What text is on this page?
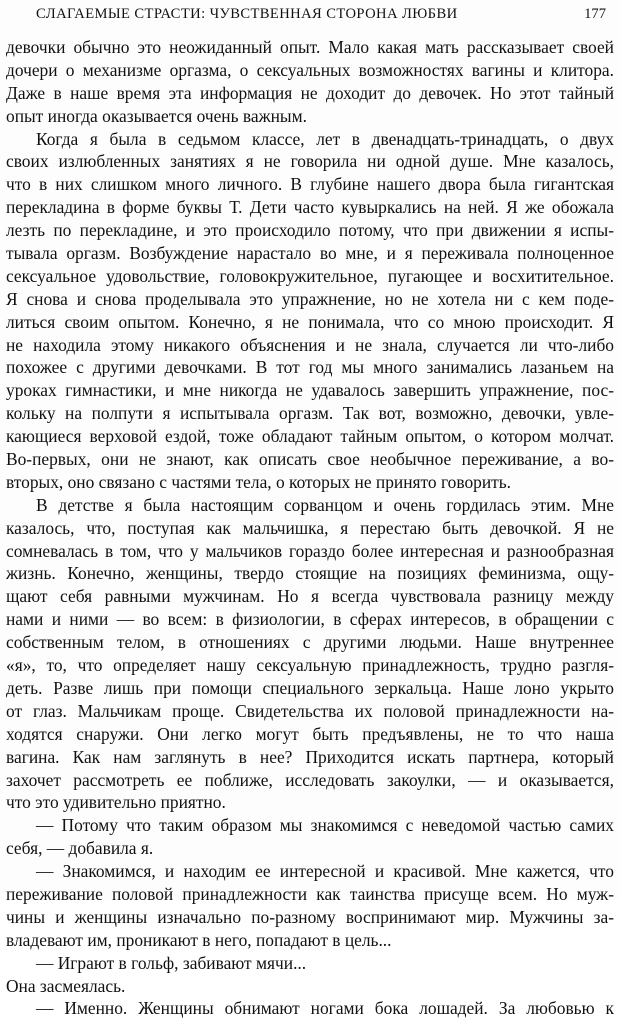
СЛАГАЕМЫЕ СТРАСТИ: ЧУВСТВЕННАЯ СТОРОНА ЛЮБВИ	177
девочки обычно это неожиданный опыт. Мало какая мать рассказывает своей
дочери о механизме оргазма, о сексуальных возможностях вагины и клитора.
Даже в наше время эта информация не доходит до девочек. Но этот тайный
опыт иногда оказывается очень важным.
Когда я была в седьмом классе, лет в двенадцать-тринадцать, о двух
своих излюбленных занятиях я не говорила ни одной душе. Мне казалось,
что в них слишком много личного. В глубине нашего двора была гигантская
перекладина в форме буквы Т. Дети часто кувыркались на ней. Я же обожала
лезть по перекладине, и это происходило потому, что при движении я испы-
тывала оргазм. Возбуждение нарастало во мне, и я переживала полноценное
сексуальное удовольствие, головокружительное, пугающее и восхитительное.
Я снова и снова проделывала это упражнение, но не хотела ни с кем поде-
литься своим опытом. Конечно, я не понимала, что со мною происходит. Я
не находила этому никакого объяснения и не знала, случается ли что-либо
похожее с другими девочками. В тот год мы много занимались лазаньем на
уроках гимнастики, и мне никогда не удавалось завершить упражнение, пос-
кольку на полпути я испытывала оргазм. Так вот, возможно, девочки, увле-
кающиеся верховой ездой, тоже обладают тайным опытом, о котором молчат.
Во-первых, они не знают, как описать свое необычное переживание, а во-
вторых, оно связано с частями тела, о которых не принято говорить.
В детстве я была настоящим сорванцом и очень гордилась этим. Мне
казалось, что, поступая как мальчишка, я перестаю быть девочкой. Я не
сомневалась в том, что у мальчиков гораздо более интересная и разнообразная
жизнь. Конечно, женщины, твердо стоящие на позициях феминизма, ощу-
щают себя равными мужчинам. Но я всегда чувствовала разницу между
нами и ними — во всем: в физиологии, в сферах интересов, в обращении с
собственным телом, в отношениях с другими людьми. Наше внутреннее
«я», то, что определяет нашу сексуальную принадлежность, трудно разгля-
деть. Разве лишь при помощи специального зеркальца. Наше лоно укрыто
от глаз. Мальчикам проще. Свидетельства их половой принадлежности на-
ходятся снаружи. Они легко могут быть предъявлены, не то что наша
вагина. Как нам заглянуть в нее? Приходится искать партнера, который
захочет рассмотреть ее поближе, исследовать закоулки, — и оказывается,
что это удивительно приятно.
— Потому что таким образом мы знакомимся с неведомой частью самих
себя, — добавила я.
— Знакомимся, и находим ее интересной и красивой. Мне кажется, что
переживание половой принадлежности как таинства присуще всем. Но муж-
чины и женщины изначально по-разному воспринимают мир. Мужчины за-
владевают им, проникают в него, попадают в цель...
— Играют в гольф, забивают мячи...
Она засмеялась.
— Именно. Женщины обнимают ногами бока лошадей. За любовью к
